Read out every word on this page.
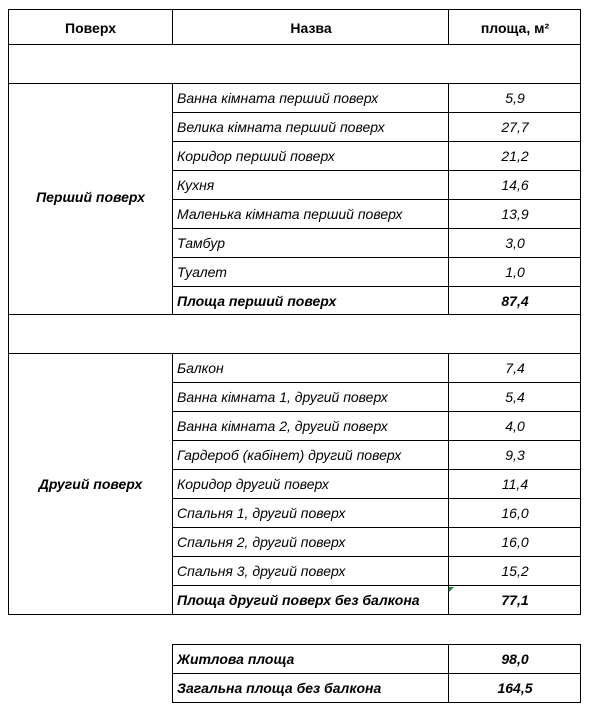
Поверх	Назва	площа, м²
Перший поверх
Ванна кімната перший поверх	5,9
Велика кімната перший поверх	27,7
Коридор перший поверх	21,2
Кухня	14,6
Маленька кімната перший поверх	13,9
Тамбур	3,0
Туалет	1,0
Площа перший поверх	87,4
Другий поверх
Балкон	7,4
Ванна кімната 1, другий поверх	5,4
Ванна кімната 2, другий поверх	4,0
Гардероб (кабінет) другий поверх	9,3
Коридор другий поверх	11,4
Спальня 1, другий поверх	16,0
Спальня 2, другий поверх	16,0
Спальня 3, другий поверх	15,2
Площа другий поверх без балкона	77,1
Житлова площа	98,0
Загальна площа без балкона	164,5
